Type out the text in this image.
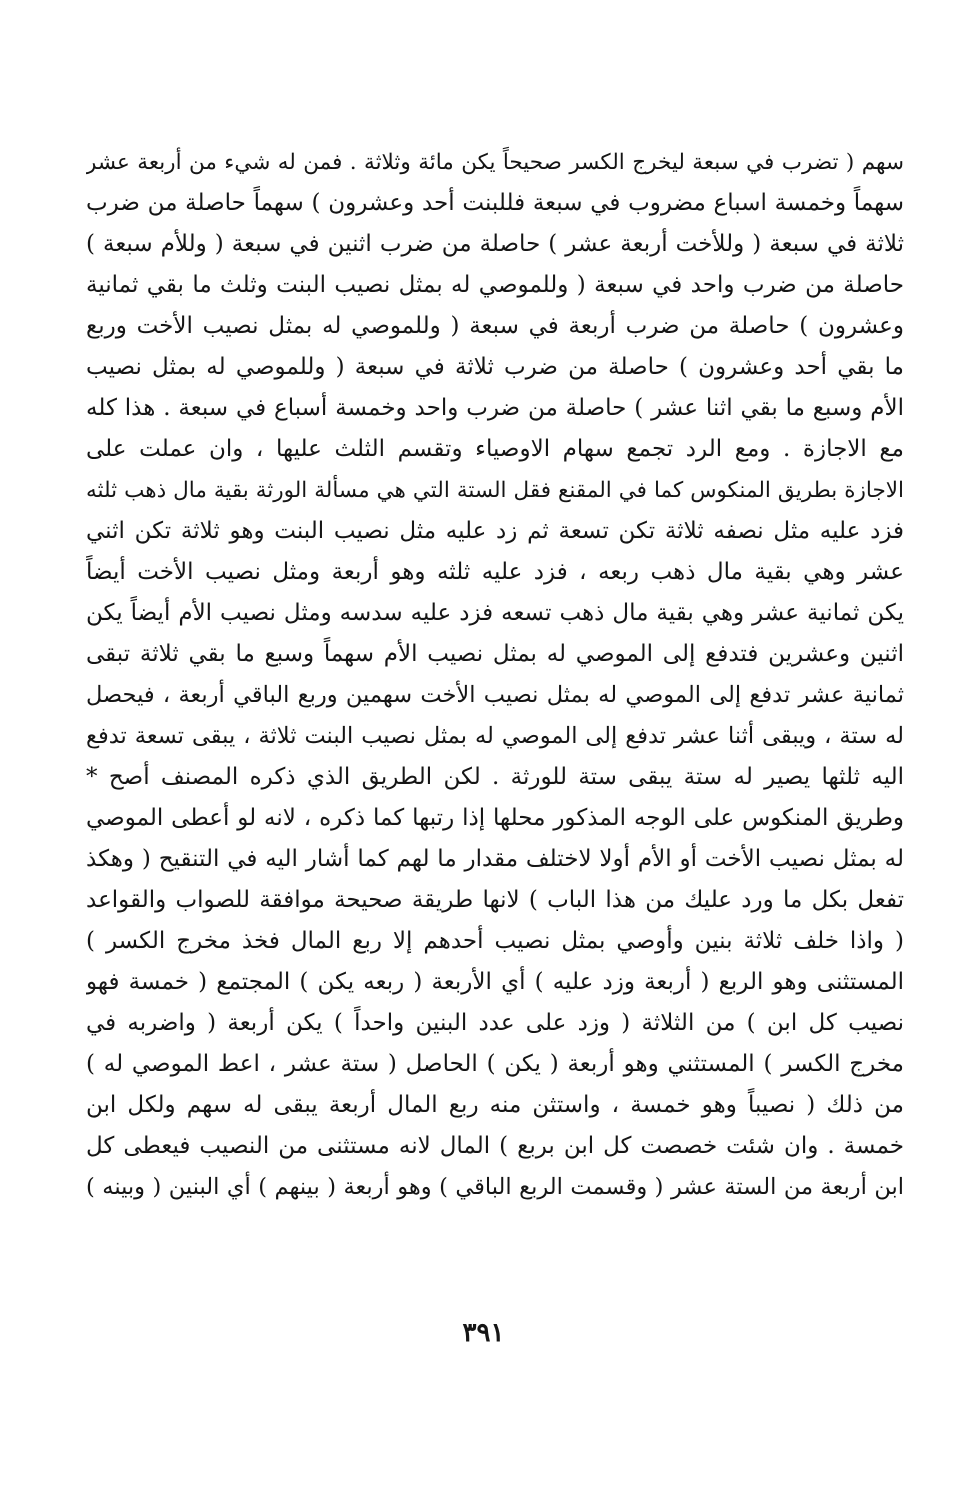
سهم ( تضرب في سبعة ليخرج الكسر صحيحاً يكن مائة وثلاثة . فمن له شيء من أربعة عشر
سهماً وخمسة اسباع مضروب في سبعة فللبنت أحد وعشرون ) سهماً حاصلة من ضرب
ثلاثة في سبعة ( وللأخت أربعة عشر ) حاصلة من ضرب اثنين في سبعة ( وللأم سبعة )
حاصلة من ضرب واحد في سبعة ( وللموصي له بمثل نصيب البنت وثلث ما بقي ثمانية
وعشرون ) حاصلة من ضرب أربعة في سبعة ( وللموصي له بمثل نصيب الأخت وربع
ما بقي أحد وعشرون ) حاصلة من ضرب ثلاثة في سبعة ( وللموصي له بمثل نصيب
الأم وسبع ما بقي اثنا عشر ) حاصلة من ضرب واحد وخمسة أسباع في سبعة . هذا كله
مع الاجازة . ومع الرد تجمع سهام الاوصياء وتقسم الثلث عليها ، وان عملت على
الاجازة بطريق المنكوس كما في المقنع فقل الستة التي هي مسألة الورثة بقية مال ذهب ثلثه
فزد عليه مثل نصفه ثلاثة تكن تسعة ثم زد عليه مثل نصيب البنت وهو ثلاثة تكن اثني
عشر وهي بقية مال ذهب ربعه ، فزد عليه ثلثه وهو أربعة ومثل نصيب الأخت أيضاً
يكن ثمانية عشر وهي بقية مال ذهب تسعه فزد عليه سدسه ومثل نصيب الأم أيضاً يكن
اثنين وعشرين فتدفع إلى الموصي له بمثل نصيب الأم سهماً وسبع ما بقي ثلاثة تبقى
ثمانية عشر تدفع إلى الموصي له بمثل نصيب الأخت سهمين وربع الباقي أربعة ، فيحصل
له ستة ، ويبقى أثنا عشر تدفع إلى الموصي له بمثل نصيب البنت ثلاثة ، يبقى تسعة تدفع
اليه ثلثها يصير له ستة يبقى ستة للورثة . لكن الطريق الذي ذكره المصنف أصح *
وطريق المنكوس على الوجه المذكور محلها إذا رتبها كما ذكره ، لانه لو أعطى الموصي
له بمثل نصيب الأخت أو الأم أولا لاختلف مقدار ما لهم كما أشار اليه في التنقيح ( وهكذ
تفعل بكل ما ورد عليك من هذا الباب ) لانها طريقة صحيحة موافقة للصواب والقواعد
( واذا خلف ثلاثة بنين وأوصي بمثل نصيب أحدهم إلا ربع المال فخذ مخرج الكسر )
المستثنى وهو الربع ( أربعة وزد عليه ) أي الأربعة ( ربعه يكن ) المجتمع ( خمسة فهو
نصيب كل ابن ) من الثلاثة ( وزد على عدد البنين واحداً ) يكن أربعة ( واضربه في
مخرج الكسر ) المستثني وهو أربعة ( يكن ) الحاصل ( ستة عشر ، اعط الموصي له )
من ذلك ( نصيباً وهو خمسة ، واستثن منه ربع المال أربعة يبقى له سهم ولكل ابن
خمسة . وان شئت خصصت كل ابن بربع ) المال لانه مستثنى من النصيب فيعطى كل
ابن أربعة من الستة عشر ( وقسمت الربع الباقي ) وهو أربعة ( بينهم ) أي البنين ( وبينه )
٣٩١
